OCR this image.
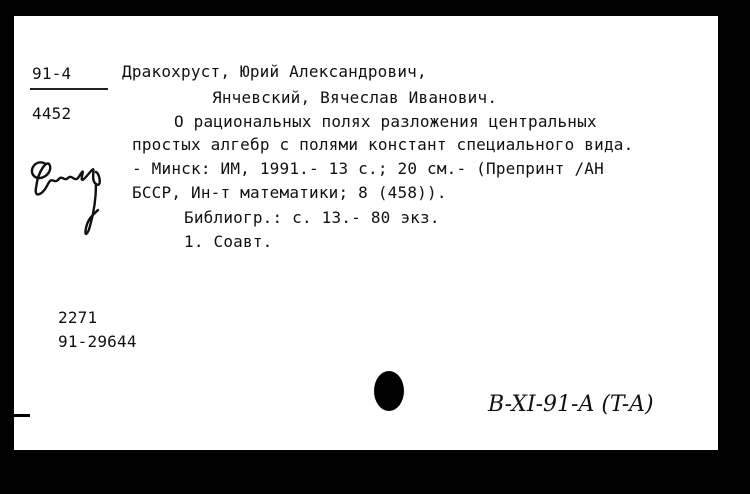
91-4
4452
Дракохруст, Юрий Александрович,
Янчевский, Вячеслав Иванович.
О рациональных полях разложения центральных
простых алгебр с полями констант специального вида.
- Минск: ИМ, 1991.- 13 с.; 20 см.- (Препринт /АН
БССР, Ин-т математики; 8 (458)).
Библиогр.: с. 13.- 80 экз.
1. Соавт.
2271
91-29644
B-XI-91-A (T-A)
